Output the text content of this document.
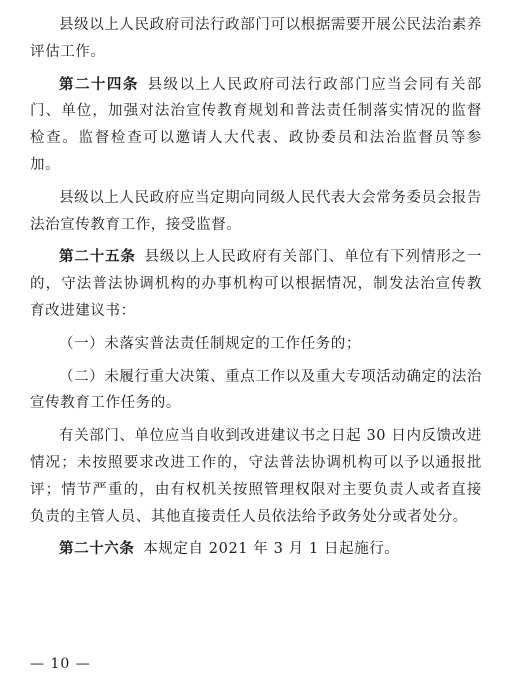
县级以上人民政府司法行政部门可以根据需要开展公民法治素养评估工作。

第二十四条 县级以上人民政府司法行政部门应当会同有关部门、单位，加强对法治宣传教育规划和普法责任制落实情况的监督检查。监督检查可以邀请人大代表、政协委员和法治监督员等参加。

县级以上人民政府应当定期向同级人民代表大会常务委员会报告法治宣传教育工作，接受监督。

第二十五条 县级以上人民政府有关部门、单位有下列情形之一的，守法普法协调机构的办事机构可以根据情况，制发法治宣传教育改进建议书：

（一）未落实普法责任制规定的工作任务的；

（二）未履行重大决策、重点工作以及重大专项活动确定的法治宣传教育工作任务的。

有关部门、单位应当自收到改进建议书之日起 30 日内反馈改进情况；未按照要求改进工作的，守法普法协调机构可以予以通报批评；情节严重的，由有权机关按照管理权限对主要负责人或者直接负责的主管人员、其他直接责任人员依法给予政务处分或者处分。

第二十六条 本规定自 2021 年 3 月 1 日起施行。

— 10 —
